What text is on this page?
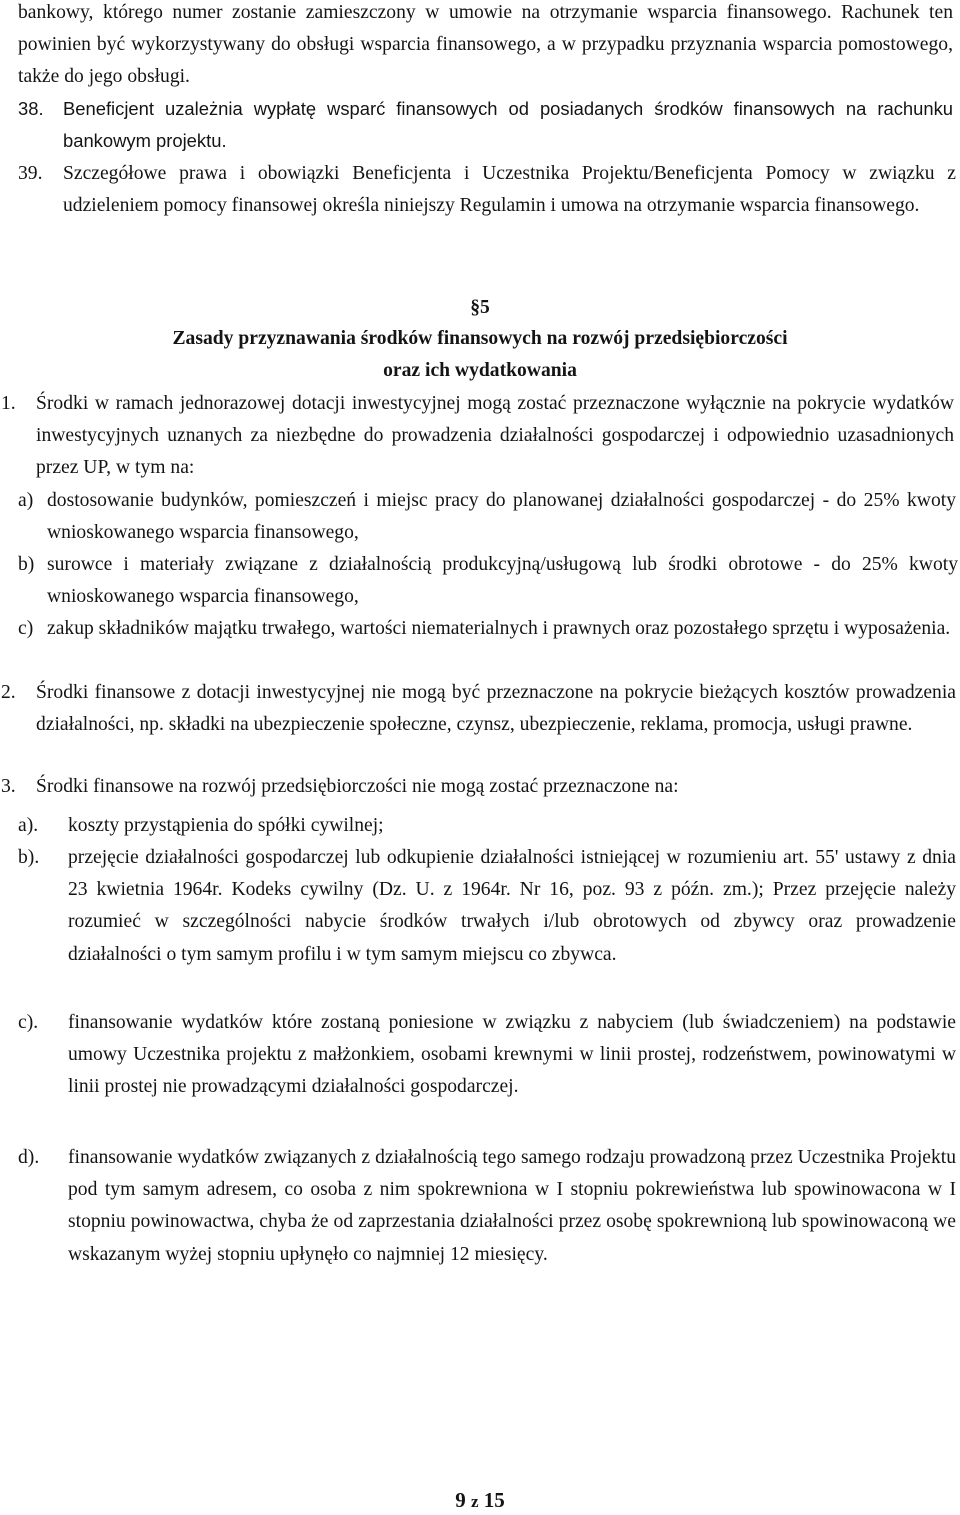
bankowy, którego numer zostanie zamieszczony w umowie na otrzymanie wsparcia finansowego. Rachunek ten powinien być wykorzystywany do obsługi wsparcia finansowego, a w przypadku przyznania wsparcia pomostowego, także do jego obsługi.
38. Beneficjent uzależnia wypłatę wsparć finansowych od posiadanych środków finansowych na rachunku bankowym projektu.
39. Szczegółowe prawa i obowiązki Beneficjenta i Uczestnika Projektu/Beneficjenta Pomocy w związku z udzieleniem pomocy finansowej określa niniejszy Regulamin i umowa na otrzymanie wsparcia finansowego.
§5
Zasady przyznawania środków finansowych na rozwój przedsiębiorczości
oraz ich wydatkowania
1. Środki w ramach jednorazowej dotacji inwestycyjnej mogą zostać przeznaczone wyłącznie na pokrycie wydatków inwestycyjnych uznanych za niezbędne do prowadzenia działalności gospodarczej i odpowiednio uzasadnionych przez UP, w tym na:
a) dostosowanie budynków, pomieszczeń i miejsc pracy do planowanej działalności gospodarczej - do 25% kwoty wnioskowanego wsparcia finansowego,
b) surowce i materiały związane z działalnością produkcyjną/usługową lub środki obrotowe - do 25% kwoty wnioskowanego wsparcia finansowego,
c) zakup składników majątku trwałego, wartości niematerialnych i prawnych oraz pozostałego sprzętu i wyposażenia.
2. Środki finansowe z dotacji inwestycyjnej nie mogą być przeznaczone na pokrycie bieżących kosztów prowadzenia działalności, np. składki na ubezpieczenie społeczne, czynsz, ubezpieczenie, reklama, promocja, usługi prawne.
3. Środki finansowe na rozwój przedsiębiorczości nie mogą zostać przeznaczone na:
a). koszty przystąpienia do spółki cywilnej;
b). przejęcie działalności gospodarczej lub odkupienie działalności istniejącej w rozumieniu art. 55' ustawy z dnia 23 kwietnia 1964r. Kodeks cywilny (Dz. U. z 1964r. Nr 16, poz. 93 z późn. zm.); Przez przejęcie należy rozumieć w szczególności nabycie środków trwałych i/lub obrotowych od zbywcy oraz prowadzenie działalności o tym samym profilu i w tym samym miejscu co zbywca.
c). finansowanie wydatków które zostaną poniesione w związku z nabyciem (lub świadczeniem) na podstawie umowy Uczestnika projektu z małżonkiem, osobami krewnymi w linii prostej, rodzeństwem, powinowatymi w linii prostej nie prowadzącymi działalności gospodarczej.
d). finansowanie wydatków związanych z działalnością tego samego rodzaju prowadzoną przez Uczestnika Projektu pod tym samym adresem, co osoba z nim spokrewniona w I stopniu pokrewieństwa lub spowinowacona w I stopniu powinowactwa, chyba że od zaprzestania działalności przez osobę spokrewnioną lub spowinowaconą we wskazanym wyżej stopniu upłynęło co najmniej 12 miesięcy.
9 z 15
